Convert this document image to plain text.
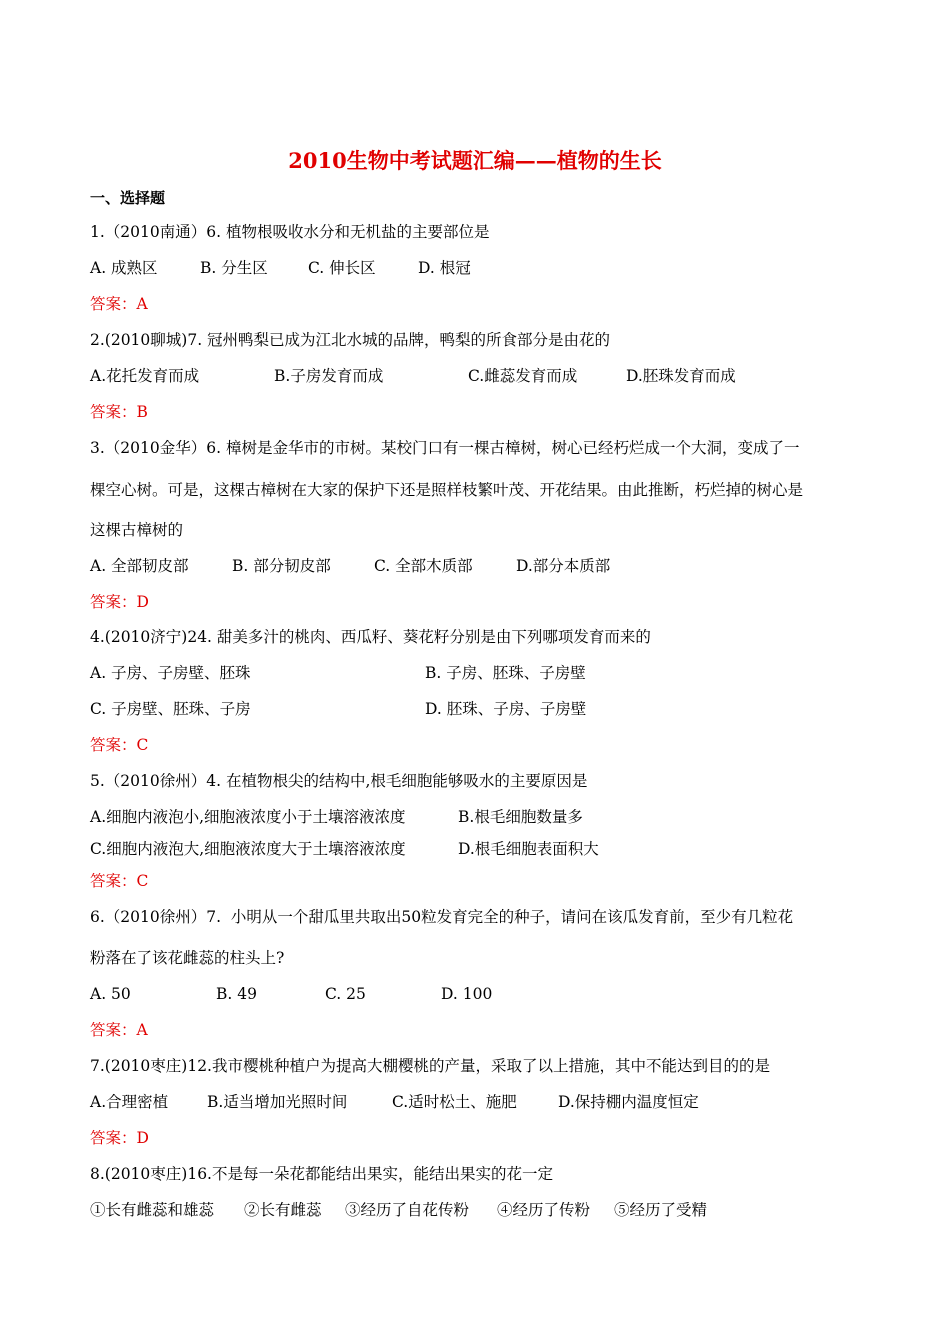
2010生物中考试题汇编——植物的生长
一、选择题
1.（2010南通）6. 植物根吸收水分和无机盐的主要部位是
A. 成熟区	B. 分生区	C. 伸长区	D. 根冠
答案：A
2.(2010聊城)7. 冠州鸭梨已成为江北水城的品牌，鸭梨的所食部分是由花的
A.花托发育而成	B.子房发育而成	C.雌蕊发育而成	D.胚珠发育而成
答案：B
3.（2010金华）6. 樟树是金华市的市树。某校门口有一棵古樟树，树心已经朽烂成一个大洞，变成了一
棵空心树。可是，这棵古樟树在大家的保护下还是照样枝繁叶茂、开花结果。由此推断，朽烂掉的树心是
这棵古樟树的
A. 全部韧皮部	B. 部分韧皮部	C. 全部木质部	D.部分本质部
答案：D
4.(2010济宁)24. 甜美多汁的桃肉、西瓜籽、葵花籽分别是由下列哪项发育而来的
A. 子房、子房壁、胚珠	B. 子房、胚珠、子房壁
C. 子房壁、胚珠、子房	D. 胚珠、子房、子房壁
答案：C
5.（2010徐州）4. 在植物根尖的结构中,根毛细胞能够吸水的主要原因是
A.细胞内液泡小,细胞液浓度小于土壤溶液浓度	B.根毛细胞数量多
C.细胞内液泡大,细胞液浓度大于土壤溶液浓度	D.根毛细胞表面积大
答案：C
6.（2010徐州）7.  小明从一个甜瓜里共取出50粒发育完全的种子，请问在该瓜发育前，至少有几粒花
粉落在了该花雌蕊的柱头上?
A. 50	B. 49	C. 25	D. 100
答案：A
7.(2010枣庄)12.我市樱桃种植户为提高大棚樱桃的产量，采取了以上措施，其中不能达到目的的是
A.合理密植	B.适当增加光照时间	C.适时松土、施肥	D.保持棚内温度恒定
答案：D
8.(2010枣庄)16.不是每一朵花都能结出果实，能结出果实的花一定
①长有雌蕊和雄蕊 ②长有雌蕊 ③经历了自花传粉 ④经历了传粉 ⑤经历了受精
